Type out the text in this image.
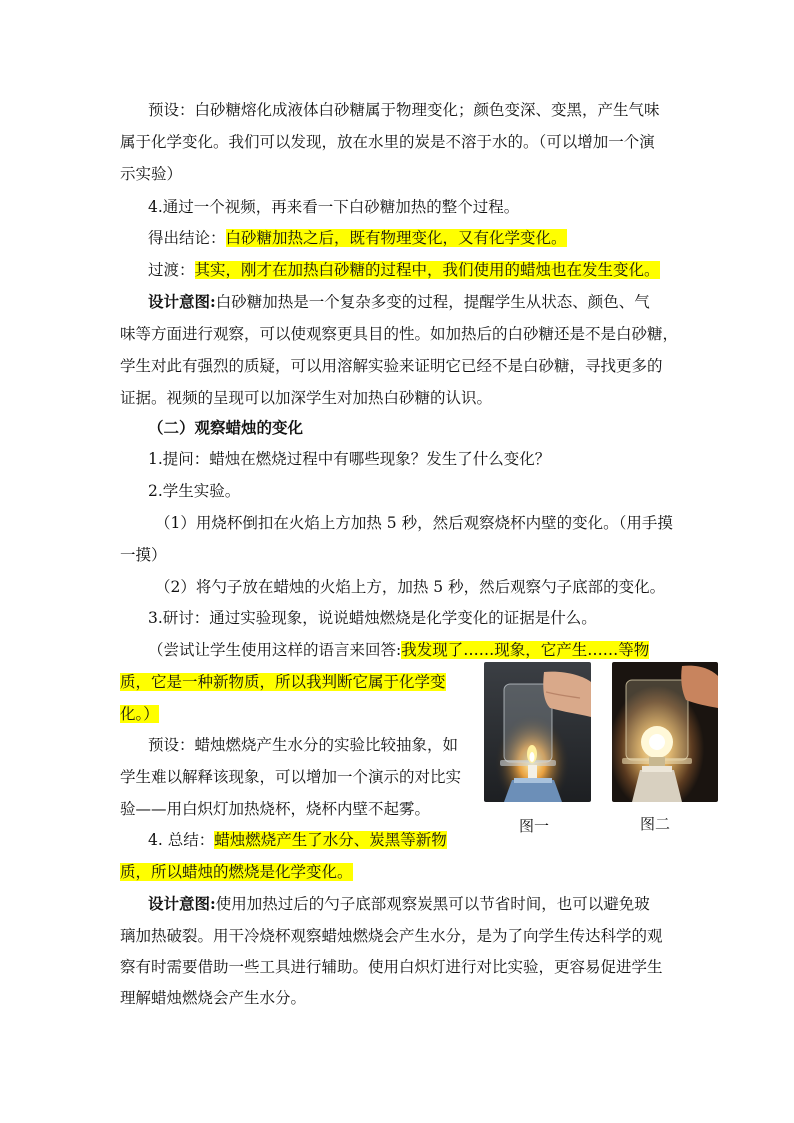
预设：白砂糖熔化成液体白砂糖属于物理变化；颜色变深、变黑，产生气味
属于化学变化。我们可以发现，放在水里的炭是不溶于水的。（可以增加一个演
示实验）
4.通过一个视频，再来看一下白砂糖加热的整个过程。
得出结论：白砂糖加热之后，既有物理变化，又有化学变化。
过渡：其实，刚才在加热白砂糖的过程中，我们使用的蜡烛也在发生变化。
设计意图:白砂糖加热是一个复杂多变的过程，提醒学生从状态、颜色、气
味等方面进行观察，可以使观察更具目的性。如加热后的白砂糖还是不是白砂糖，
学生对此有强烈的质疑，可以用溶解实验来证明它已经不是白砂糖，寻找更多的
证据。视频的呈现可以加深学生对加热白砂糖的认识。
（二）观察蜡烛的变化
1.提问：蜡烛在燃烧过程中有哪些现象？发生了什么变化？
2.学生实验。
（1）用烧杯倒扣在火焰上方加热 5 秒，然后观察烧杯内壁的变化。（用手摸
一摸）
（2）将勺子放在蜡烛的火焰上方，加热 5 秒，然后观察勺子底部的变化。
3.研讨：通过实验现象，说说蜡烛燃烧是化学变化的证据是什么。
（尝试让学生使用这样的语言来回答:我发现了……现象，它产生……等物
质，它是一种新物质，所以我判断它属于化学变
化。）
预设：蜡烛燃烧产生水分的实验比较抽象，如
学生难以解释该现象，可以增加一个演示的对比实
验——用白炽灯加热烧杯，烧杯内壁不起雾。
4. 总结：蜡烛燃烧产生了水分、炭黑等新物
质，所以蜡烛的燃烧是化学变化。
设计意图:使用加热过后的勺子底部观察炭黑可以节省时间，也可以避免玻
璃加热破裂。用干冷烧杯观察蜡烛燃烧会产生水分，是为了向学生传达科学的观
察有时需要借助一些工具进行辅助。使用白炽灯进行对比实验，更容易促进学生
理解蜡烛燃烧会产生水分。
图一	图二
